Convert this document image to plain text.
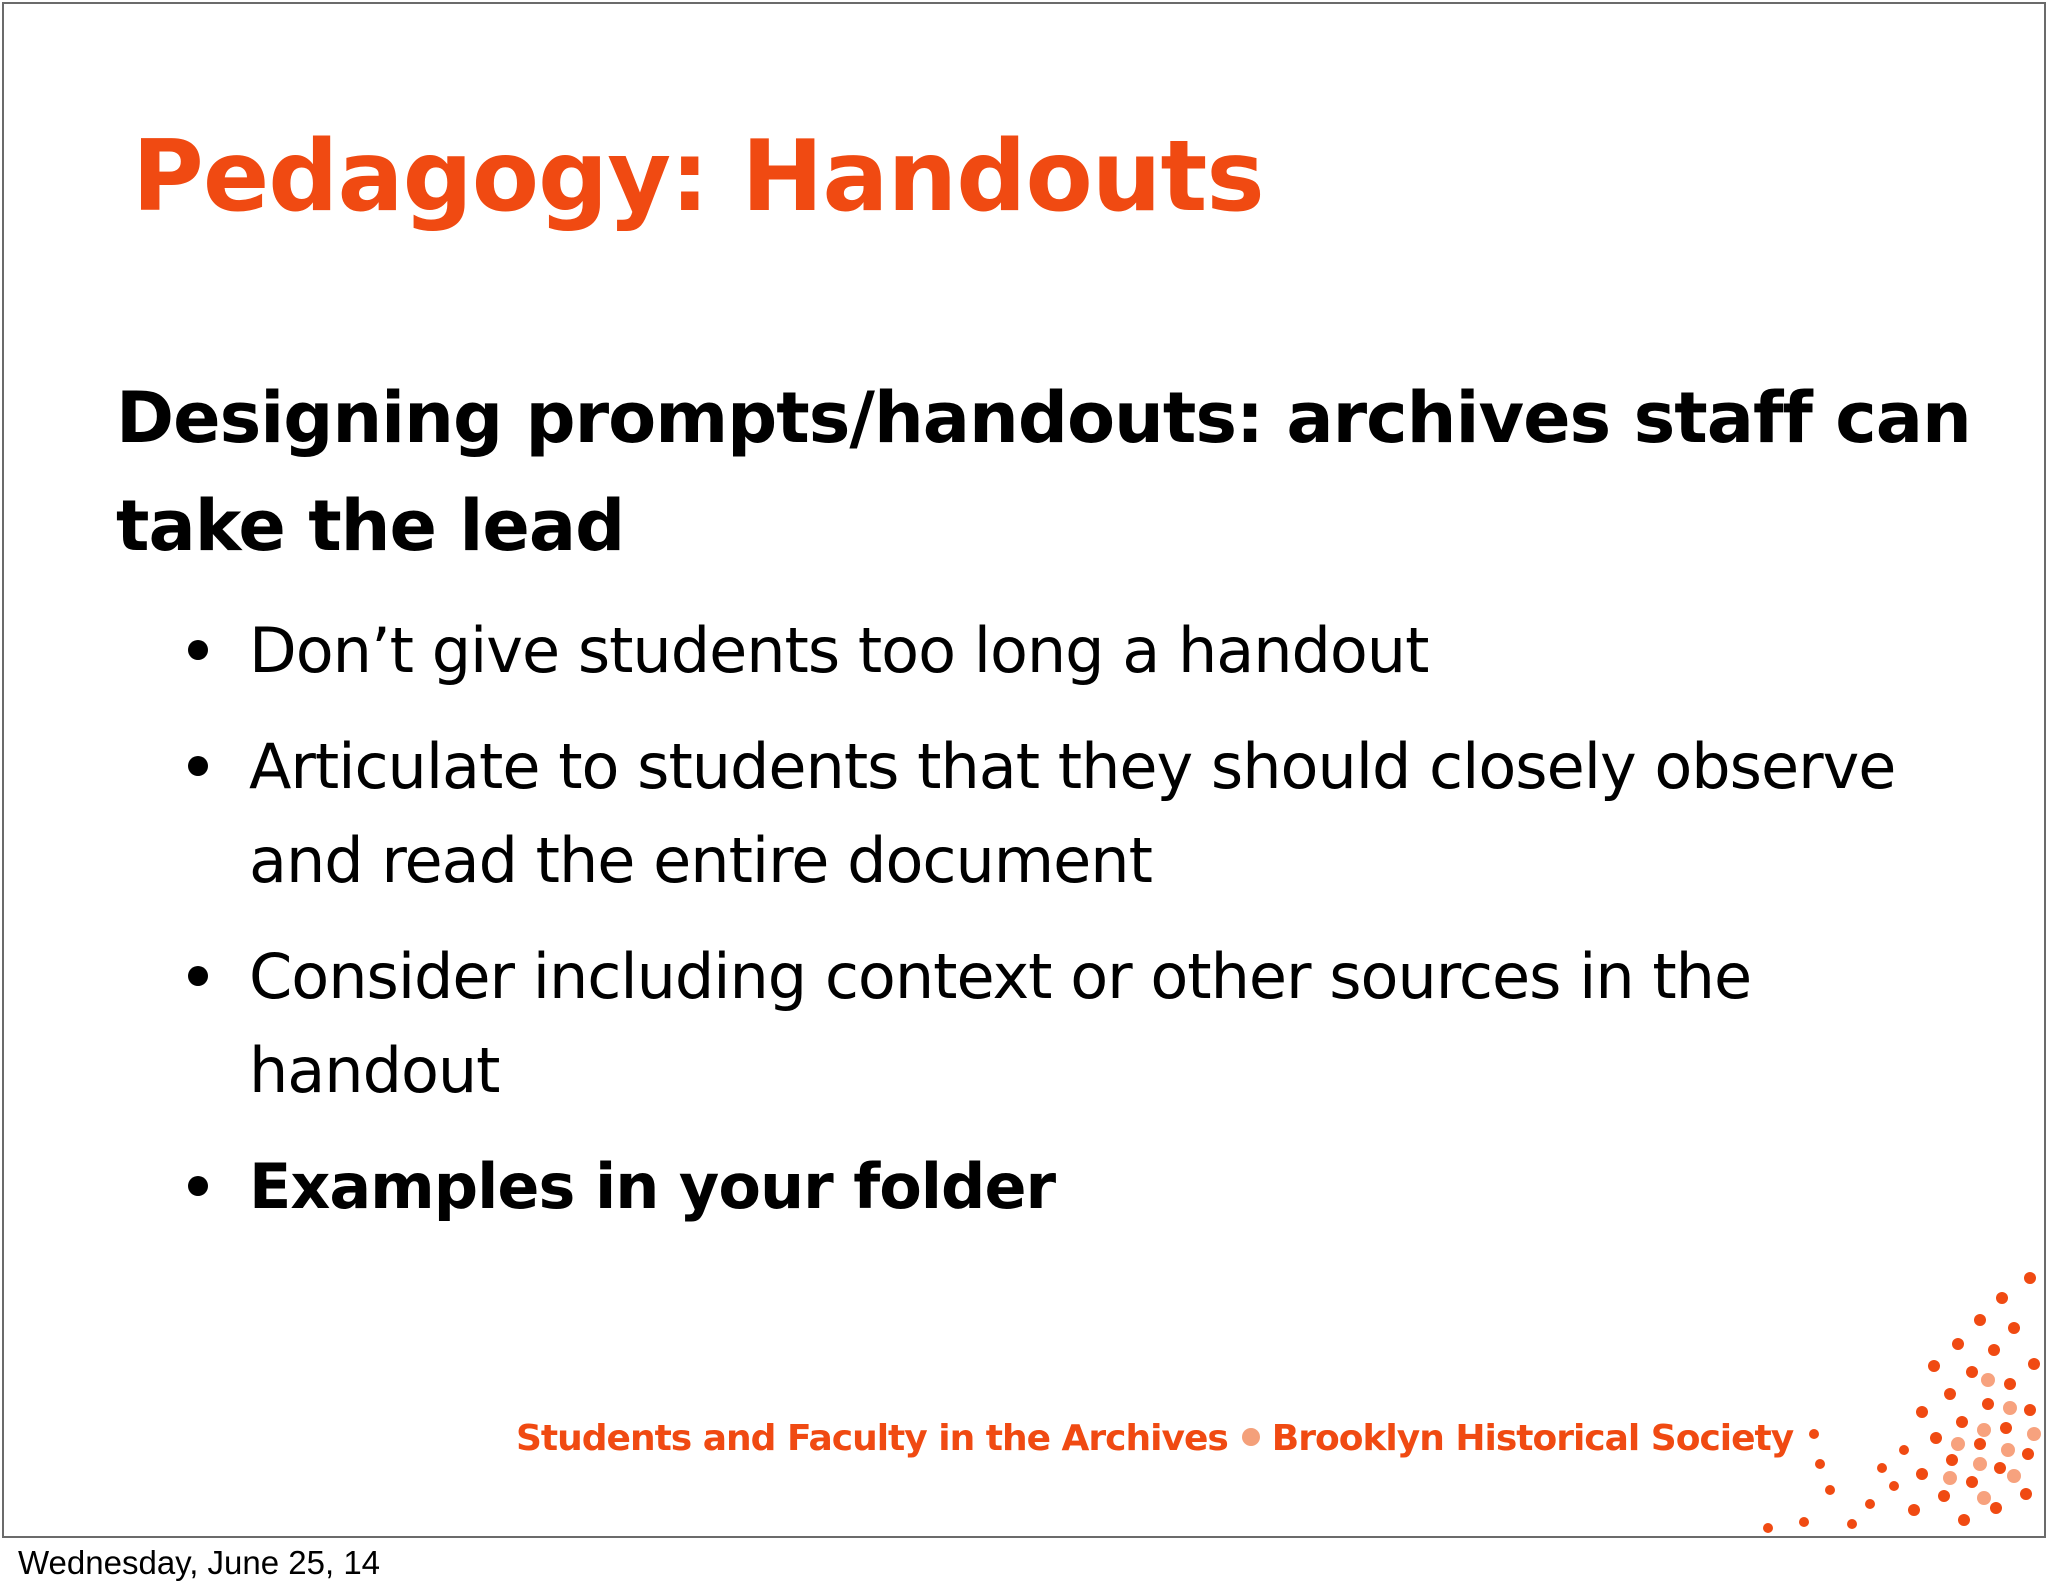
Pedagogy: Handouts

Designing prompts/handouts: archives staff can take the lead

Don’t give students too long a handout
Articulate to students that they should closely observe and read the entire document
Consider including context or other sources in the handout
Examples in your folder
Students and Faculty in the Archives Brooklyn Historical Society

Wednesday, June 25, 14
